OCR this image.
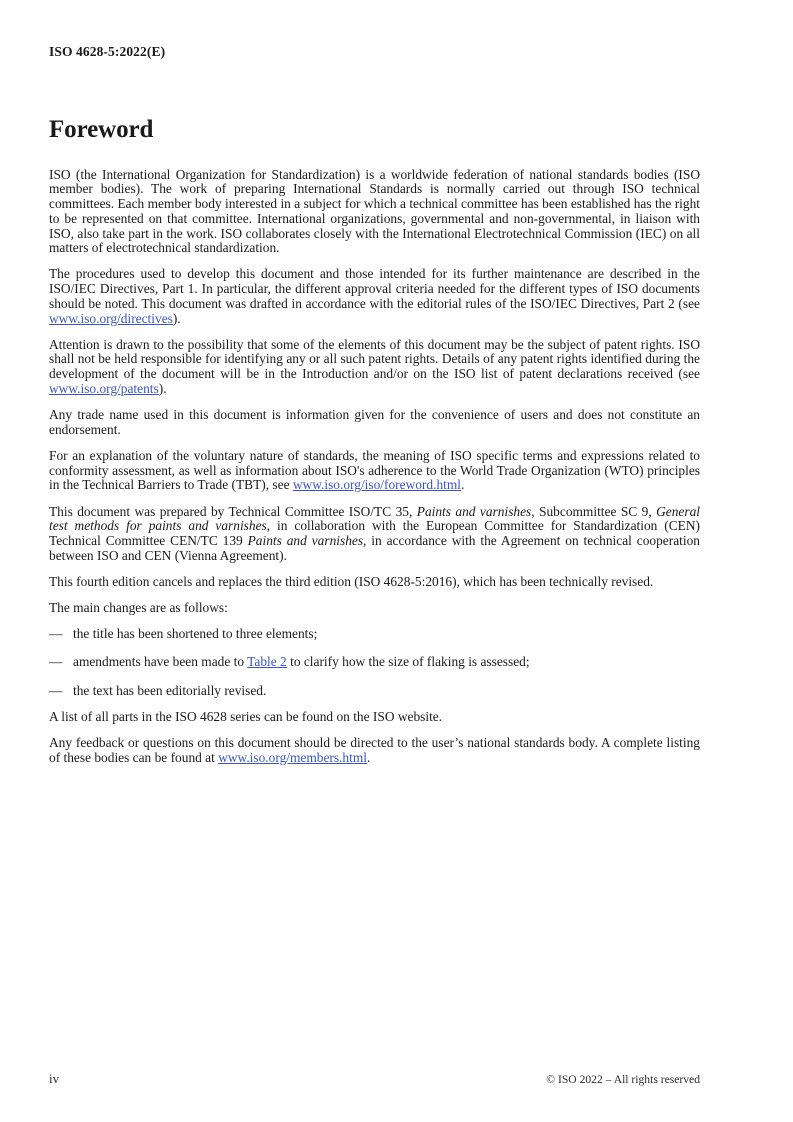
ISO 4628-5:2022(E)
Foreword

ISO (the International Organization for Standardization) is a worldwide federation of national standards bodies (ISO member bodies). The work of preparing International Standards is normally carried out through ISO technical committees. Each member body interested in a subject for which a technical committee has been established has the right to be represented on that committee. International organizations, governmental and non-governmental, in liaison with ISO, also take part in the work. ISO collaborates closely with the International Electrotechnical Commission (IEC) on all matters of electrotechnical standardization.

The procedures used to develop this document and those intended for its further maintenance are described in the ISO/IEC Directives, Part 1. In particular, the different approval criteria needed for the different types of ISO documents should be noted. This document was drafted in accordance with the editorial rules of the ISO/IEC Directives, Part 2 (see www.iso.org/directives).

Attention is drawn to the possibility that some of the elements of this document may be the subject of patent rights. ISO shall not be held responsible for identifying any or all such patent rights. Details of any patent rights identified during the development of the document will be in the Introduction and/or on the ISO list of patent declarations received (see www.iso.org/patents).

Any trade name used in this document is information given for the convenience of users and does not constitute an endorsement.

For an explanation of the voluntary nature of standards, the meaning of ISO specific terms and expressions related to conformity assessment, as well as information about ISO's adherence to the World Trade Organization (WTO) principles in the Technical Barriers to Trade (TBT), see www.iso.org/iso/foreword.html.

This document was prepared by Technical Committee ISO/TC 35, Paints and varnishes, Subcommittee SC 9, General test methods for paints and varnishes, in collaboration with the European Committee for Standardization (CEN) Technical Committee CEN/TC 139 Paints and varnishes, in accordance with the Agreement on technical cooperation between ISO and CEN (Vienna Agreement).

This fourth edition cancels and replaces the third edition (ISO 4628-5:2016), which has been technically revised.

The main changes are as follows:

— the title has been shortened to three elements;
— amendments have been made to Table 2 to clarify how the size of flaking is assessed;
— the text has been editorially revised.

A list of all parts in the ISO 4628 series can be found on the ISO website.

Any feedback or questions on this document should be directed to the user’s national standards body. A complete listing of these bodies can be found at www.iso.org/members.html.

iv	© ISO 2022 – All rights reserved
